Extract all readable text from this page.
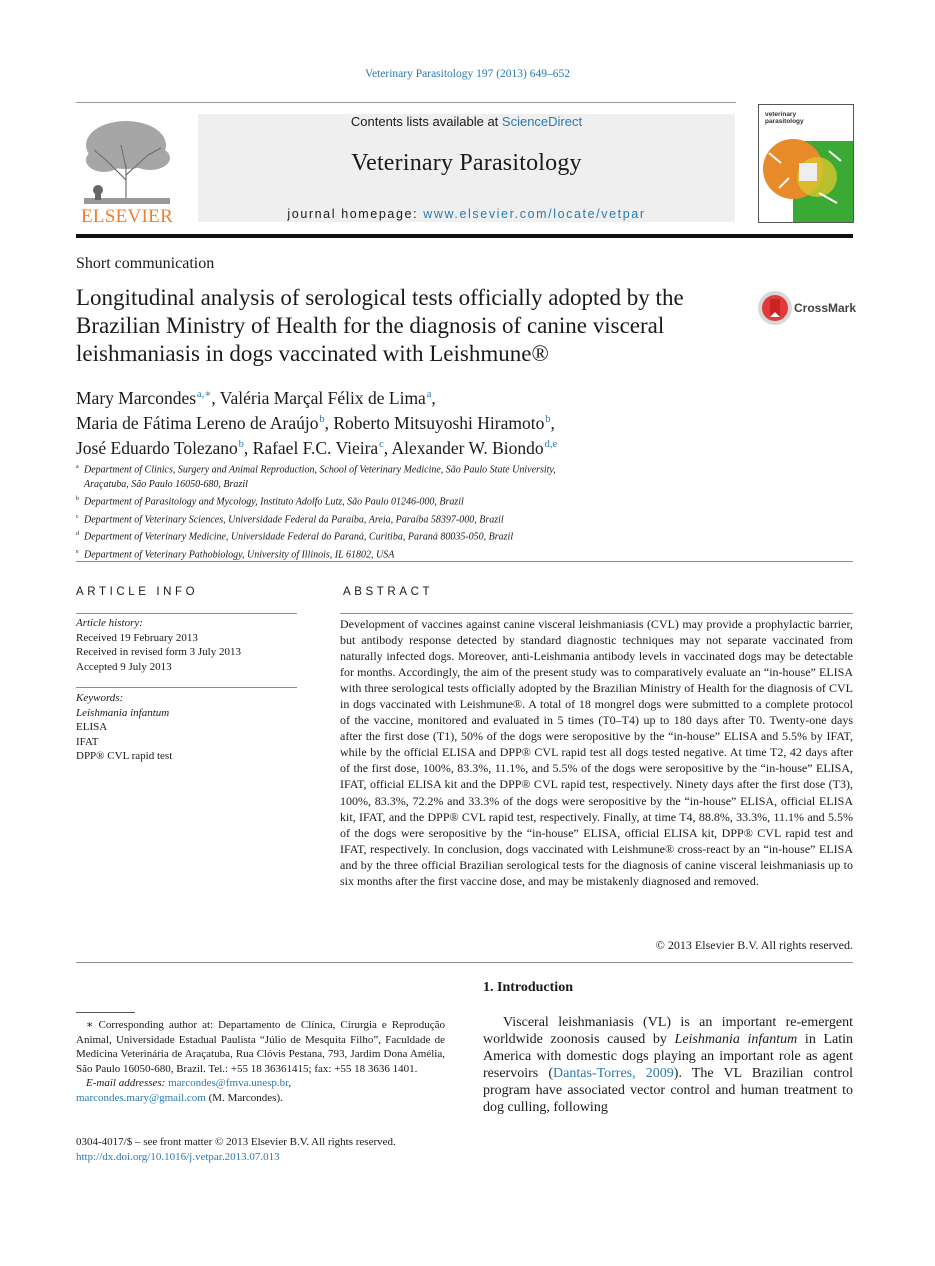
Veterinary Parasitology 197 (2013) 649–652
ELSEVIER
Contents lists available at ScienceDirect
Veterinary Parasitology
journal homepage: www.elsevier.com/locate/vetpar
veterinary
parasitology
Short communication
Longitudinal analysis of serological tests officially adopted by the Brazilian Ministry of Health for the diagnosis of canine visceral leishmaniasis in dogs vaccinated with Leishmune®
CrossMark
Mary Marcondes $^{a,∗}$, Valéria Marçal Félix de Lima $^a$,
Maria de Fátima Lereno de Araújo $^b$, Roberto Mitsuyoshi Hiramoto $^b$,
José Eduardo Tolezano $^b$, Rafael F.C. Vieira $^c$, Alexander W. Biondo $^{d,e}$
$^a$ Department of Clinics, Surgery and Animal Reproduction, School of Veterinary Medicine, São Paulo State University,
Araçatuba, São Paulo 16050-680, Brazil
$^b$ Department of Parasitology and Mycology, Instituto Adolfo Lutz, São Paulo 01246-000, Brazil
$^c$ Department of Veterinary Sciences, Universidade Federal da Paraíba, Areia, Paraíba 58397-000, Brazil
$^d$ Department of Veterinary Medicine, Universidade Federal do Paraná, Curitiba, Paraná 80035-050, Brazil
$^e$ Department of Veterinary Pathobiology, University of Illinois, IL 61802, USA
ARTICLE INFO
Article history:
Received 19 February 2013
Received in revised form 3 July 2013
Accepted 9 July 2013
Keywords:
Leishmania infantum
ELISA
IFAT
DPP® CVL rapid test
ABSTRACT
Development of vaccines against canine visceral leishmaniasis (CVL) may provide a prophylactic barrier, but antibody response detected by standard diagnostic techniques may not separate vaccinated from naturally infected dogs. Moreover, anti-Leishmania antibody levels in vaccinated dogs may be detectable for months. Accordingly, the aim of the present study was to comparatively evaluate an “in-house” ELISA with three serological tests officially adopted by the Brazilian Ministry of Health for the diagnosis of CVL in dogs vaccinated with Leishmune®. A total of 18 mongrel dogs were submitted to a complete protocol of the vaccine, monitored and evaluated in 5 times (T0–T4) up to 180 days after T0. Twenty-one days after the first dose (T1), 50% of the dogs were seropositive by the “in-house” ELISA and 5.5% by IFAT, while by the official ELISA and DPP® CVL rapid test all dogs tested negative. At time T2, 42 days after of the first dose, 100%, 83.3%, 11.1%, and 5.5% of the dogs were seropositive by the “in-house” ELISA, IFAT, official ELISA kit and the DPP® CVL rapid test, respectively. Ninety days after the first dose (T3), 100%, 83.3%, 72.2% and 33.3% of the dogs were seropositive by the “in-house” ELISA, official ELISA kit, IFAT, and the DPP® CVL rapid test, respectively. Finally, at time T4, 88.8%, 33.3%, 11.1% and 5.5% of the dogs were seropositive by the “in-house” ELISA, official ELISA kit, DPP® CVL rapid test and IFAT, respectively. In conclusion, dogs vaccinated with Leishmune® cross-react by an “in-house” ELISA and by the three official Brazilian serological tests for the diagnosis of canine visceral leishmaniasis up to six months after the first vaccine dose, and may be mistakenly diagnosed and removed.
© 2013 Elsevier B.V. All rights reserved.
1. Introduction
Visceral leishmaniasis (VL) is an important re-emergent worldwide zoonosis caused by Leishmania infantum in Latin America with domestic dogs playing an important role as agent reservoirs (Dantas-Torres, 2009). The VL Brazilian control program have associated vector control and human treatment to dog culling, following
∗ Corresponding author at: Departamento de Clínica, Cirurgia e Reprodução Animal, Universidade Estadual Paulista “Júlio de Mesquita Filho”, Faculdade de Medicina Veterinária de Araçatuba, Rua Clóvis Pestana, 793, Jardim Dona Amélia, São Paulo 16050-680, Brazil. Tel.: +55 18 36361415; fax: +55 18 3636 1401.
E-mail addresses: marcondes@fmva.unesp.br,
marcondes.mary@gmail.com (M. Marcondes).
0304-4017/$ – see front matter © 2013 Elsevier B.V. All rights reserved.
http://dx.doi.org/10.1016/j.vetpar.2013.07.013
